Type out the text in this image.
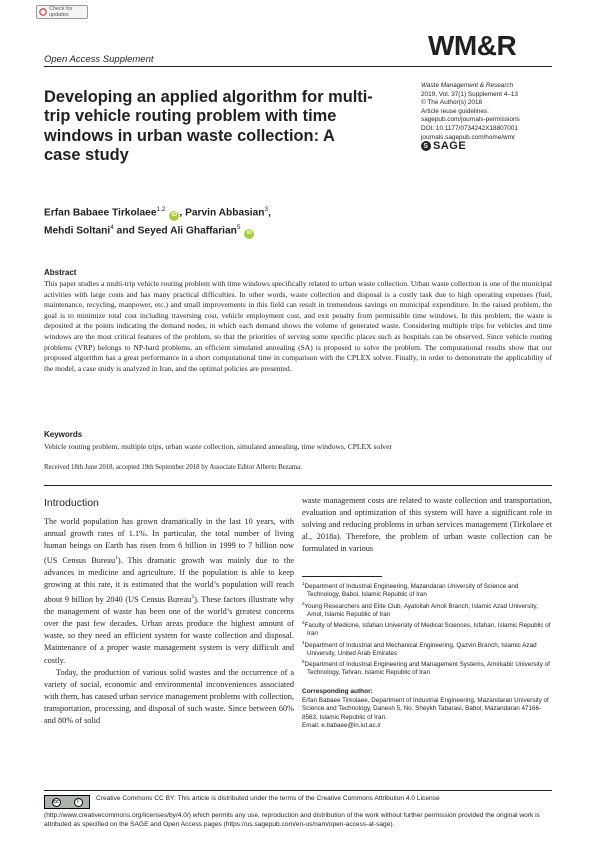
Check for updates
Open Access Supplement	WM&R
Waste Management & Research
2019, Vol. 37(1) Supplement 4–13
© The Author(s) 2018
Article reuse guidelines:
sagepub.com/journals-permissions
DOI: 10.1177/0734242X18807001
journals.sagepub.com/home/wmr
S SAGE
Developing an applied algorithm for multi-trip vehicle routing problem with time windows in urban waste collection: A case study
Erfan Babaee Tirkolaee$^{1,2}$ iD , Parvin Abbasian$^3$,
Mehdi Soltani$^4$ and Seyed Ali Ghaffarian$^5$ iD
Abstract
This paper studies a multi-trip vehicle routing problem with time windows specifically related to urban waste collection. Urban waste collection is one of the municipal activities with large costs and has many practical difficulties. In other words, waste collection and disposal is a costly task due to high operating expenses (fuel, maintenance, recycling, manpower, etc.) and small improvements in this field can result in tremendous savings on municipal expenditure. In the raised problem, the goal is to minimize total cost including traversing cost, vehicle employment cost, and exit penalty from permissible time windows. In this problem, the waste is deposited at the points indicating the demand nodes, in which each demand shows the volume of generated waste. Considering multiple trips for vehicles and time windows are the most critical features of the problem, so that the priorities of serving some specific places such as hospitals can be observed. Since vehicle routing problems (VRP) belongs to NP-hard problems, an efficient simulated annealing (SA) is proposed to solve the problem. The computational results show that our proposed algorithm has a great performance in a short computational time in comparison with the CPLEX solver. Finally, in order to demonstrate the applicability of the model, a case study is analyzed in Iran, and the optimal policies are presented.
Keywords
Vehicle routing problem, multiple trips, urban waste collection, simulated annealing, time windows, CPLEX solver
Received 18th June 2018, accepted 19th September 2018 by Associate Editor Alberto Bezama.
Introduction

The world population has grown dramatically in the last 10 years, with annual growth rates of 1.1%. In particular, the total number of living human beings on Earth has risen from 6 billion in 1999 to 7 billion now (US Census Bureau$^1$). This dramatic growth was mainly due to the advances in medicine and agriculture. If the population is able to keep growing at this rate, it is estimated that the world’s population will reach about 9 billion by 2040 (US Census Bureau$^2$). These factors illustrate why the management of waste has been one of the world’s greatest concerns over the past few decades. Urban areas produce the highest amount of waste, so they need an efficient system for waste collection and disposal. Maintenance of a proper waste management system is very difficult and costly.

Today, the production of various solid wastes and the occurrence of a variety of social, economic and environmental inconveniences associated with them, has caused urban service management problems with collection, transportation, processing, and disposal of such waste. Since between 60% and 80% of solid

waste management costs are related to waste collection and transportation, evaluation and optimization of this system will have a significant role in solving and reducing problems in urban services management (Tirkolaee et al., 2018a). Therefore, the problem of urban waste collection can be formulated in various
$^1$Department of Industrial Engineering, Mazandaran University of Science and Technology, Babol, Islamic Republic of Iran
$^2$Young Researchers and Elite Club, Ayatollah Amoli Branch, Islamic Azad University, Amol, Islamic Republic of Iran
$^3$Faculty of Medicine, Isfahan University of Medical Sciences, Isfahan, Islamic Republic of Iran
$^4$Department of Industrial and Mechanical Engineering, Qazvin Branch, Islamic Azad University, United Arab Emirates
$^5$Department of Industrial Engineering and Management Systems, Amirkabir University of Technology, Tehran, Islamic Republic of Iran
Corresponding author:
Erfan Babaee Tirkolaee, Department of Industrial Engineering, Mazandaran University of Science and Technology, Danesh 5, No. Sheykh Tabarasi, Babol, Mazandaran 47166-8563, Islamic Republic of Iran.
Email: e.babaee@in.iut.ac.ir
cc	i	Creative Commons CC BY: This article is distributed under the terms of the Creative Commons Attribution 4.0 License
(http://www.creativecommons.org/licenses/by/4.0/) which permits any use, reproduction and distribution of the work without further permission provided the original work is attributed as specified on the SAGE and Open Access pages (https://us.sagepub.com/en-us/nam/open-access-at-sage).
